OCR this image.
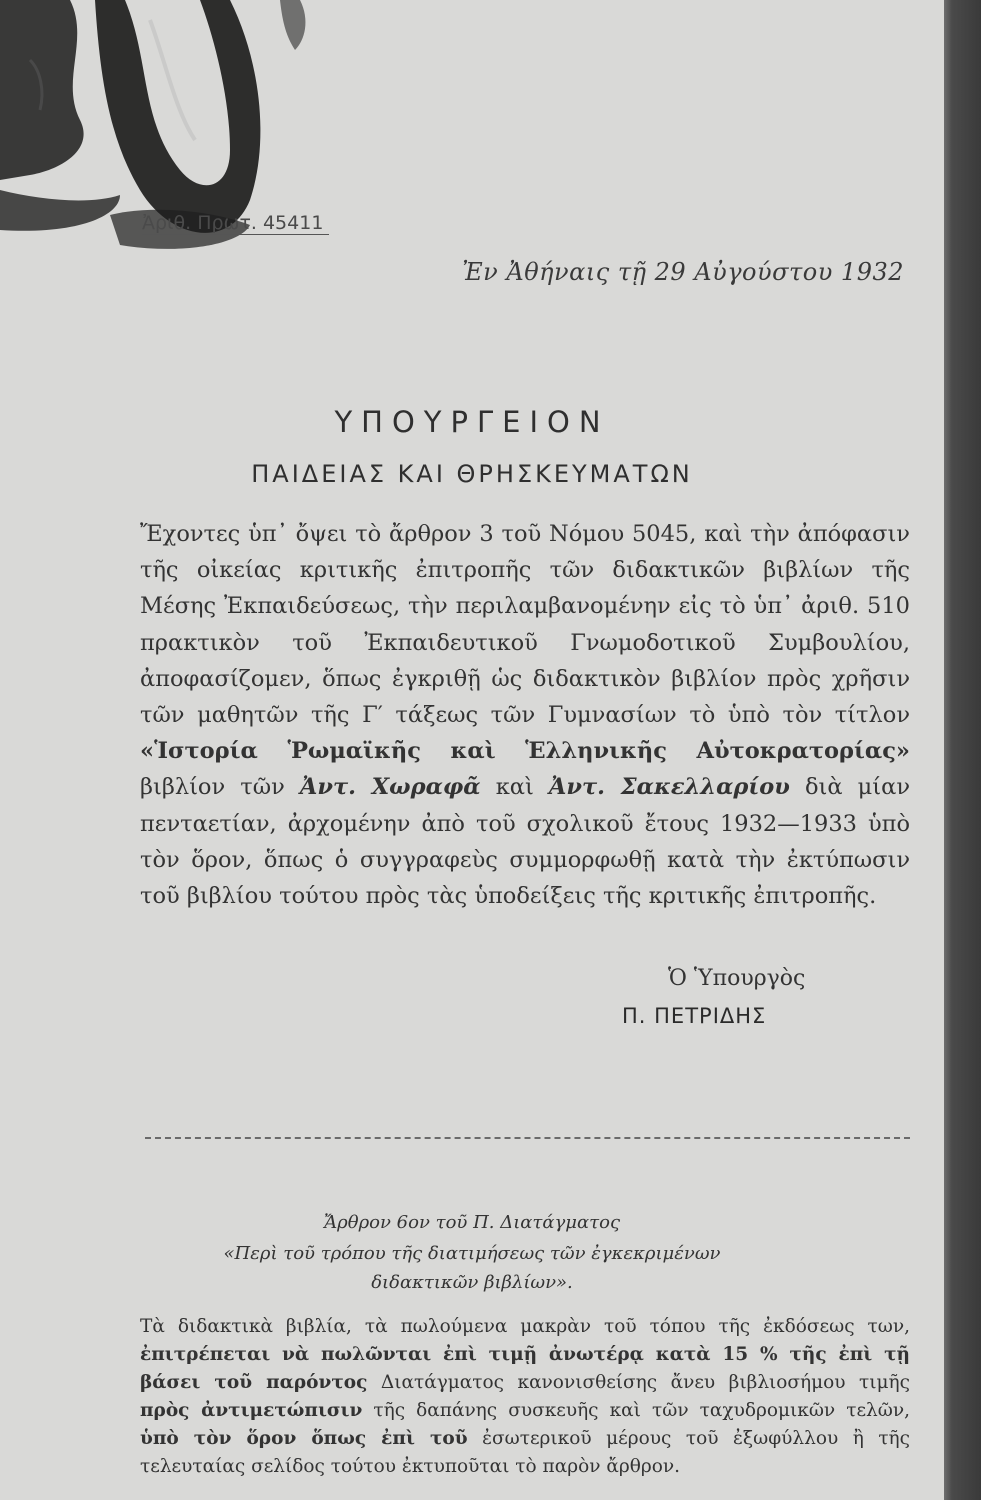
Ἀριθ. Πρωτ. 45411
Ἐν Ἀθήναις τῇ 29 Αὐγούστου 1932
ΥΠΟΥΡΓΕΙΟΝ
ΠΑΙΔΕΙΑΣ ΚΑΙ ΘΡΗΣΚΕΥΜΑΤΩΝ
Ἔχοντες ὑπ᾽ ὄψει τὸ ἄρθρον 3 τοῦ Νόμου 5045, καὶ τὴν ἀπόφασιν τῆς οἰκείας κριτικῆς ἐπιτροπῆς τῶν διδακτικῶν βιβλίων τῆς Μέσης Ἐκπαιδεύσεως, τὴν περιλαμβανομένην εἰς τὸ ὑπ᾽ ἀριθ. 510 πρακτικὸν τοῦ Ἐκπαιδευτικοῦ Γνωμοδοτικοῦ Συμβουλίου, ἀποφασίζομεν, ὅπως ἐγκριθῇ ὡς διδακτικὸν βιβλίον πρὸς χρῆσιν τῶν μαθητῶν τῆς Γ′ τάξεως τῶν Γυμνασίων τὸ ὑπὸ τὸν τίτλον «Ἱστορία Ῥωμαϊκῆς καὶ Ἑλληνικῆς Αὐτοκρατορίας» βιβλίον τῶν Ἀντ. Χωραφᾶ καὶ Ἀντ. Σακελλαρίου διὰ μίαν πενταετίαν, ἀρχομένην ἀπὸ τοῦ σχολικοῦ ἔτους 1932—1933 ὑπὸ τὸν ὅρον, ὅπως ὁ συγγραφεὺς συμμορφωθῇ κατὰ τὴν ἐκτύπωσιν τοῦ βιβλίου τούτου πρὸς τὰς ὑποδείξεις τῆς κριτικῆς ἐπιτροπῆς.
Ὁ Ὑπουργὸς
Π. ΠΕΤΡΙΔΗΣ
Ἄρθρον 6ον τοῦ Π. Διατάγματος
«Περὶ τοῦ τρόπου τῆς διατιμήσεως τῶν ἐγκεκριμένων
διδακτικῶν βιβλίων».
Τὰ διδακτικὰ βιβλία, τὰ πωλούμενα μακρὰν τοῦ τόπου τῆς ἐκδόσεως των, ἐπιτρέπεται νὰ πωλῶνται ἐπὶ τιμῇ ἀνωτέρᾳ κατὰ 15 % τῆς ἐπὶ τῇ βάσει τοῦ παρόντος Διατάγματος κανονισθείσης ἄνευ βιβλιοσήμου τιμῆς πρὸς ἀντιμετώπισιν τῆς δαπάνης συσκευῆς καὶ τῶν ταχυδρομικῶν τελῶν, ὑπὸ τὸν ὅρον ὅπως ἐπὶ τοῦ ἐσωτερικοῦ μέρους τοῦ ἐξωφύλλου ἢ τῆς τελευταίας σελίδος τούτου ἐκτυποῦται τὸ παρὸν ἄρθρον.
